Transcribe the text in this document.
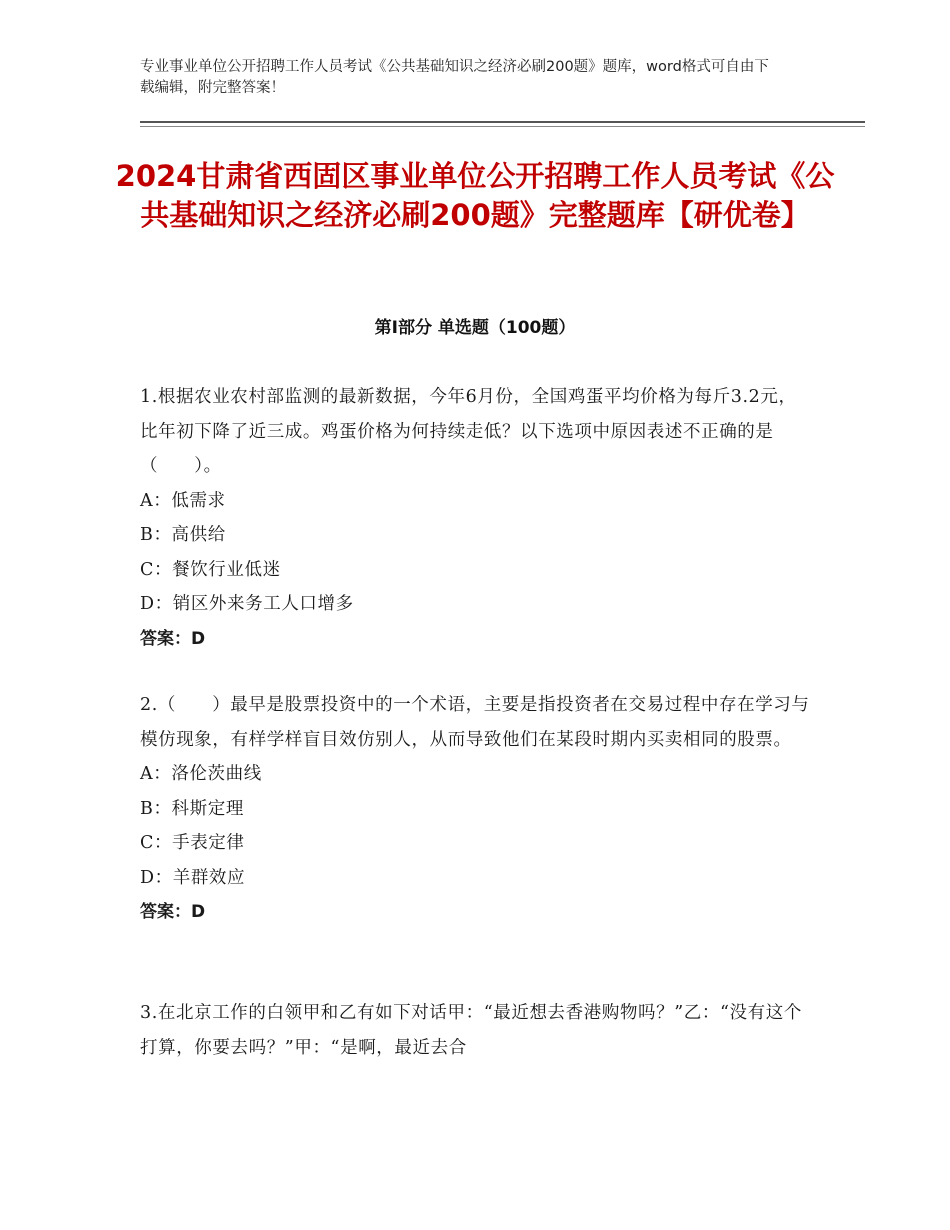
专业事业单位公开招聘工作人员考试《公共基础知识之经济必刷200题》题库，word格式可自由下载编辑，附完整答案！
2024甘肃省西固区事业单位公开招聘工作人员考试《公共基础知识之经济必刷200题》完整题库【研优卷】
第Ⅰ部分 单选题（100题）

1.根据农业农村部监测的最新数据，今年6月份，全国鸡蛋平均价格为每斤3.2元，比年初下降了近三成。鸡蛋价格为何持续走低？以下选项中原因表述不正确的是（　　）。

A：低需求

B：高供给

C：餐饮行业低迷

D：销区外来务工人口增多

答案：D

2.（　　）最早是股票投资中的一个术语，主要是指投资者在交易过程中存在学习与模仿现象，有样学样盲目效仿别人，从而导致他们在某段时期内买卖相同的股票。

A：洛伦茨曲线

B：科斯定理

C：手表定律

D：羊群效应

答案：D

3.在北京工作的白领甲和乙有如下对话甲：“最近想去香港购物吗？”乙：“没有这个打算，你要去吗？”甲：“是啊，最近去合
